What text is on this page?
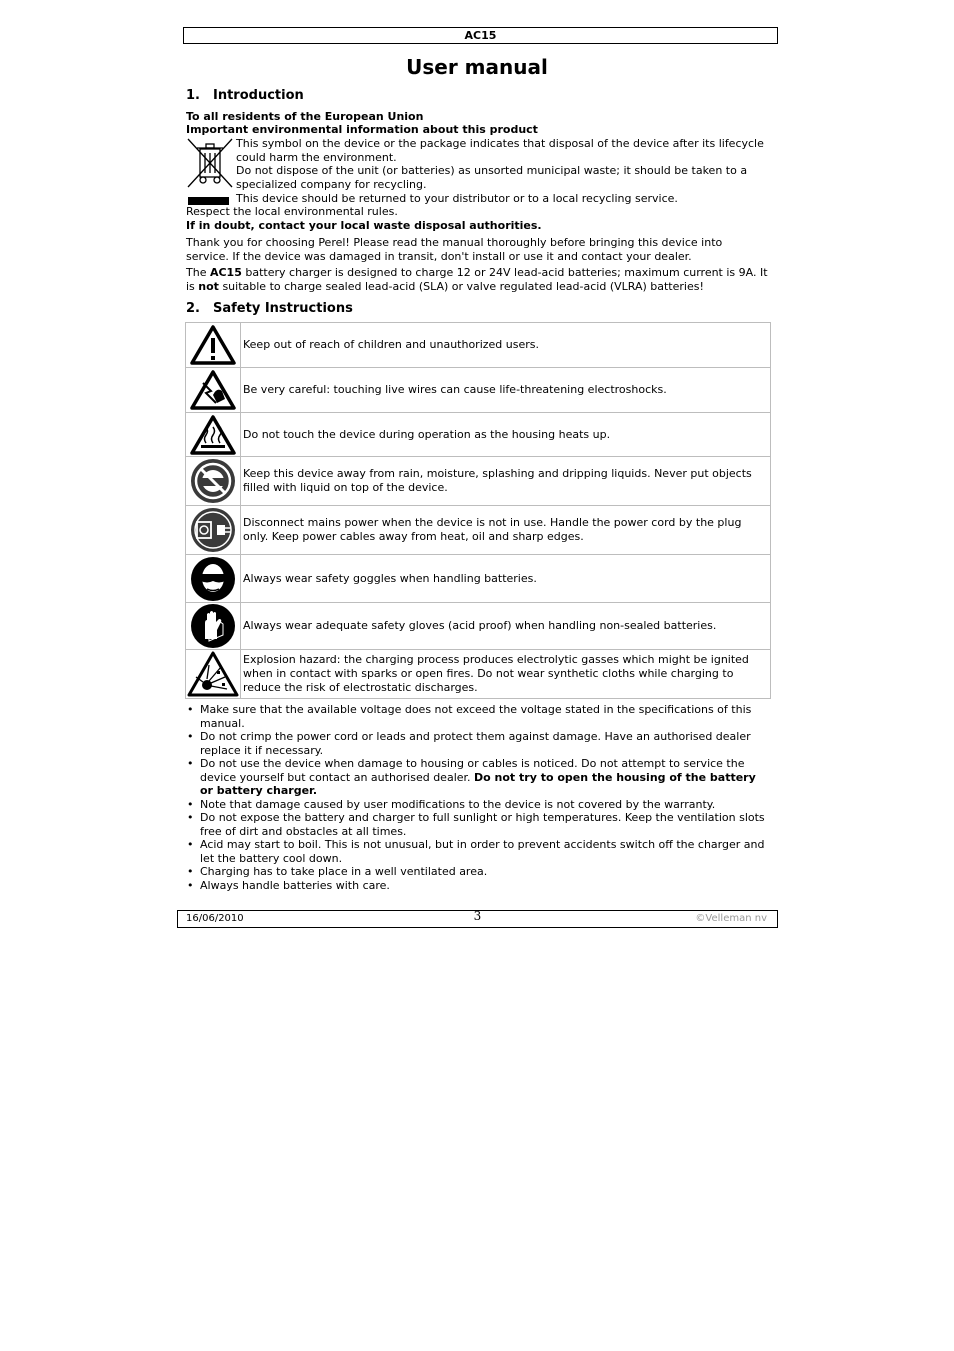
AC15
User manual
1. Introduction
To all residents of the European Union
Important environmental information about this product
This symbol on the device or the package indicates that disposal of the device after its lifecycle could harm the environment.
Do not dispose of the unit (or batteries) as unsorted municipal waste; it should be taken to a specialized company for recycling.
This device should be returned to your distributor or to a local recycling service.
Respect the local environmental rules.
If in doubt, contact your local waste disposal authorities.
Thank you for choosing Perel! Please read the manual thoroughly before bringing this device into service. If the device was damaged in transit, don't install or use it and contact your dealer.
The AC15 battery charger is designed to charge 12 or 24V lead-acid batteries; maximum current is 9A. It is not suitable to charge sealed lead-acid (SLA) or valve regulated lead-acid (VLRA) batteries!
2. Safety Instructions
	Keep out of reach of children and unauthorized users.

	Be very careful: touching live wires can cause life-threatening electroshocks.

	Do not touch the device during operation as the housing heats up.

	Keep this device away from rain, moisture, splashing and dripping liquids. Never put objects filled with liquid on top of the device.

	Disconnect mains power when the device is not in use. Handle the power cord by the plug only. Keep power cables away from heat, oil and sharp edges.

	Always wear safety goggles when handling batteries.

	Always wear adequate safety gloves (acid proof) when handling non-sealed batteries.

	Explosion hazard: the charging process produces electrolytic gasses which might be ignited when in contact with sparks or open fires. Do not wear synthetic cloths while charging to reduce the risk of electrostatic discharges.
• Make sure that the available voltage does not exceed the voltage stated in the specifications of this manual.
• Do not crimp the power cord or leads and protect them against damage. Have an authorised dealer replace it if necessary.
• Do not use the device when damage to housing or cables is noticed. Do not attempt to service the device yourself but contact an authorised dealer. Do not try to open the housing of the battery or battery charger.
• Note that damage caused by user modifications to the device is not covered by the warranty.
• Do not expose the battery and charger to full sunlight or high temperatures. Keep the ventilation slots free of dirt and obstacles at all times.
• Acid may start to boil. This is not unusual, but in order to prevent accidents switch off the charger and let the battery cool down.
• Charging has to take place in a well ventilated area.
• Always handle batteries with care.
16/06/2010	3	©Velleman nv
